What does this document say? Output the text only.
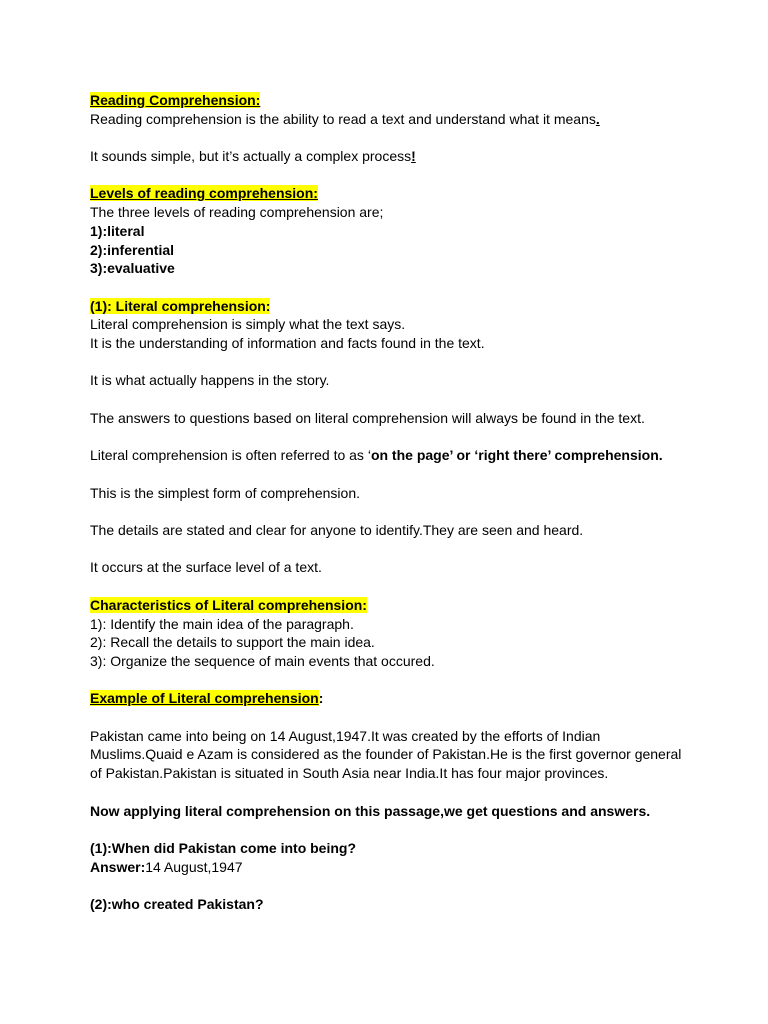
Reading Comprehension:

Reading comprehension is the ability to read a text and understand what it means.

It sounds simple, but it’s actually a complex process!

Levels of reading comprehension:

The three levels of reading comprehension are;

1):literal

2):inferential

3):evaluative

(1): Literal comprehension:

Literal comprehension is simply what the text says.

It is the understanding of information and facts found in the text.

It is what actually happens in the story.

The answers to questions based on literal comprehension will always be found in the text.

Literal comprehension is often referred to as ‘on the page’ or ‘right there’ comprehension.

This is the simplest form of comprehension.

The details are stated and clear for anyone to identify.They are seen and heard.

It occurs at the surface level of a text.

Characteristics of Literal comprehension:

1): Identify the main idea of the paragraph.

2): Recall the details to support the main idea.

3): Organize the sequence of main events that occured.

Example of Literal comprehension:

Pakistan came into being on 14 August,1947.It was created by the efforts of Indian

Muslims.Quaid e Azam is considered as the founder of Pakistan.He is the first governor general

of Pakistan.Pakistan is situated in South Asia near India.It has four major provinces.

Now applying literal comprehension on this passage,we get questions and answers.

(1):When did Pakistan come into being?

Answer:14 August,1947

(2):who created Pakistan?
